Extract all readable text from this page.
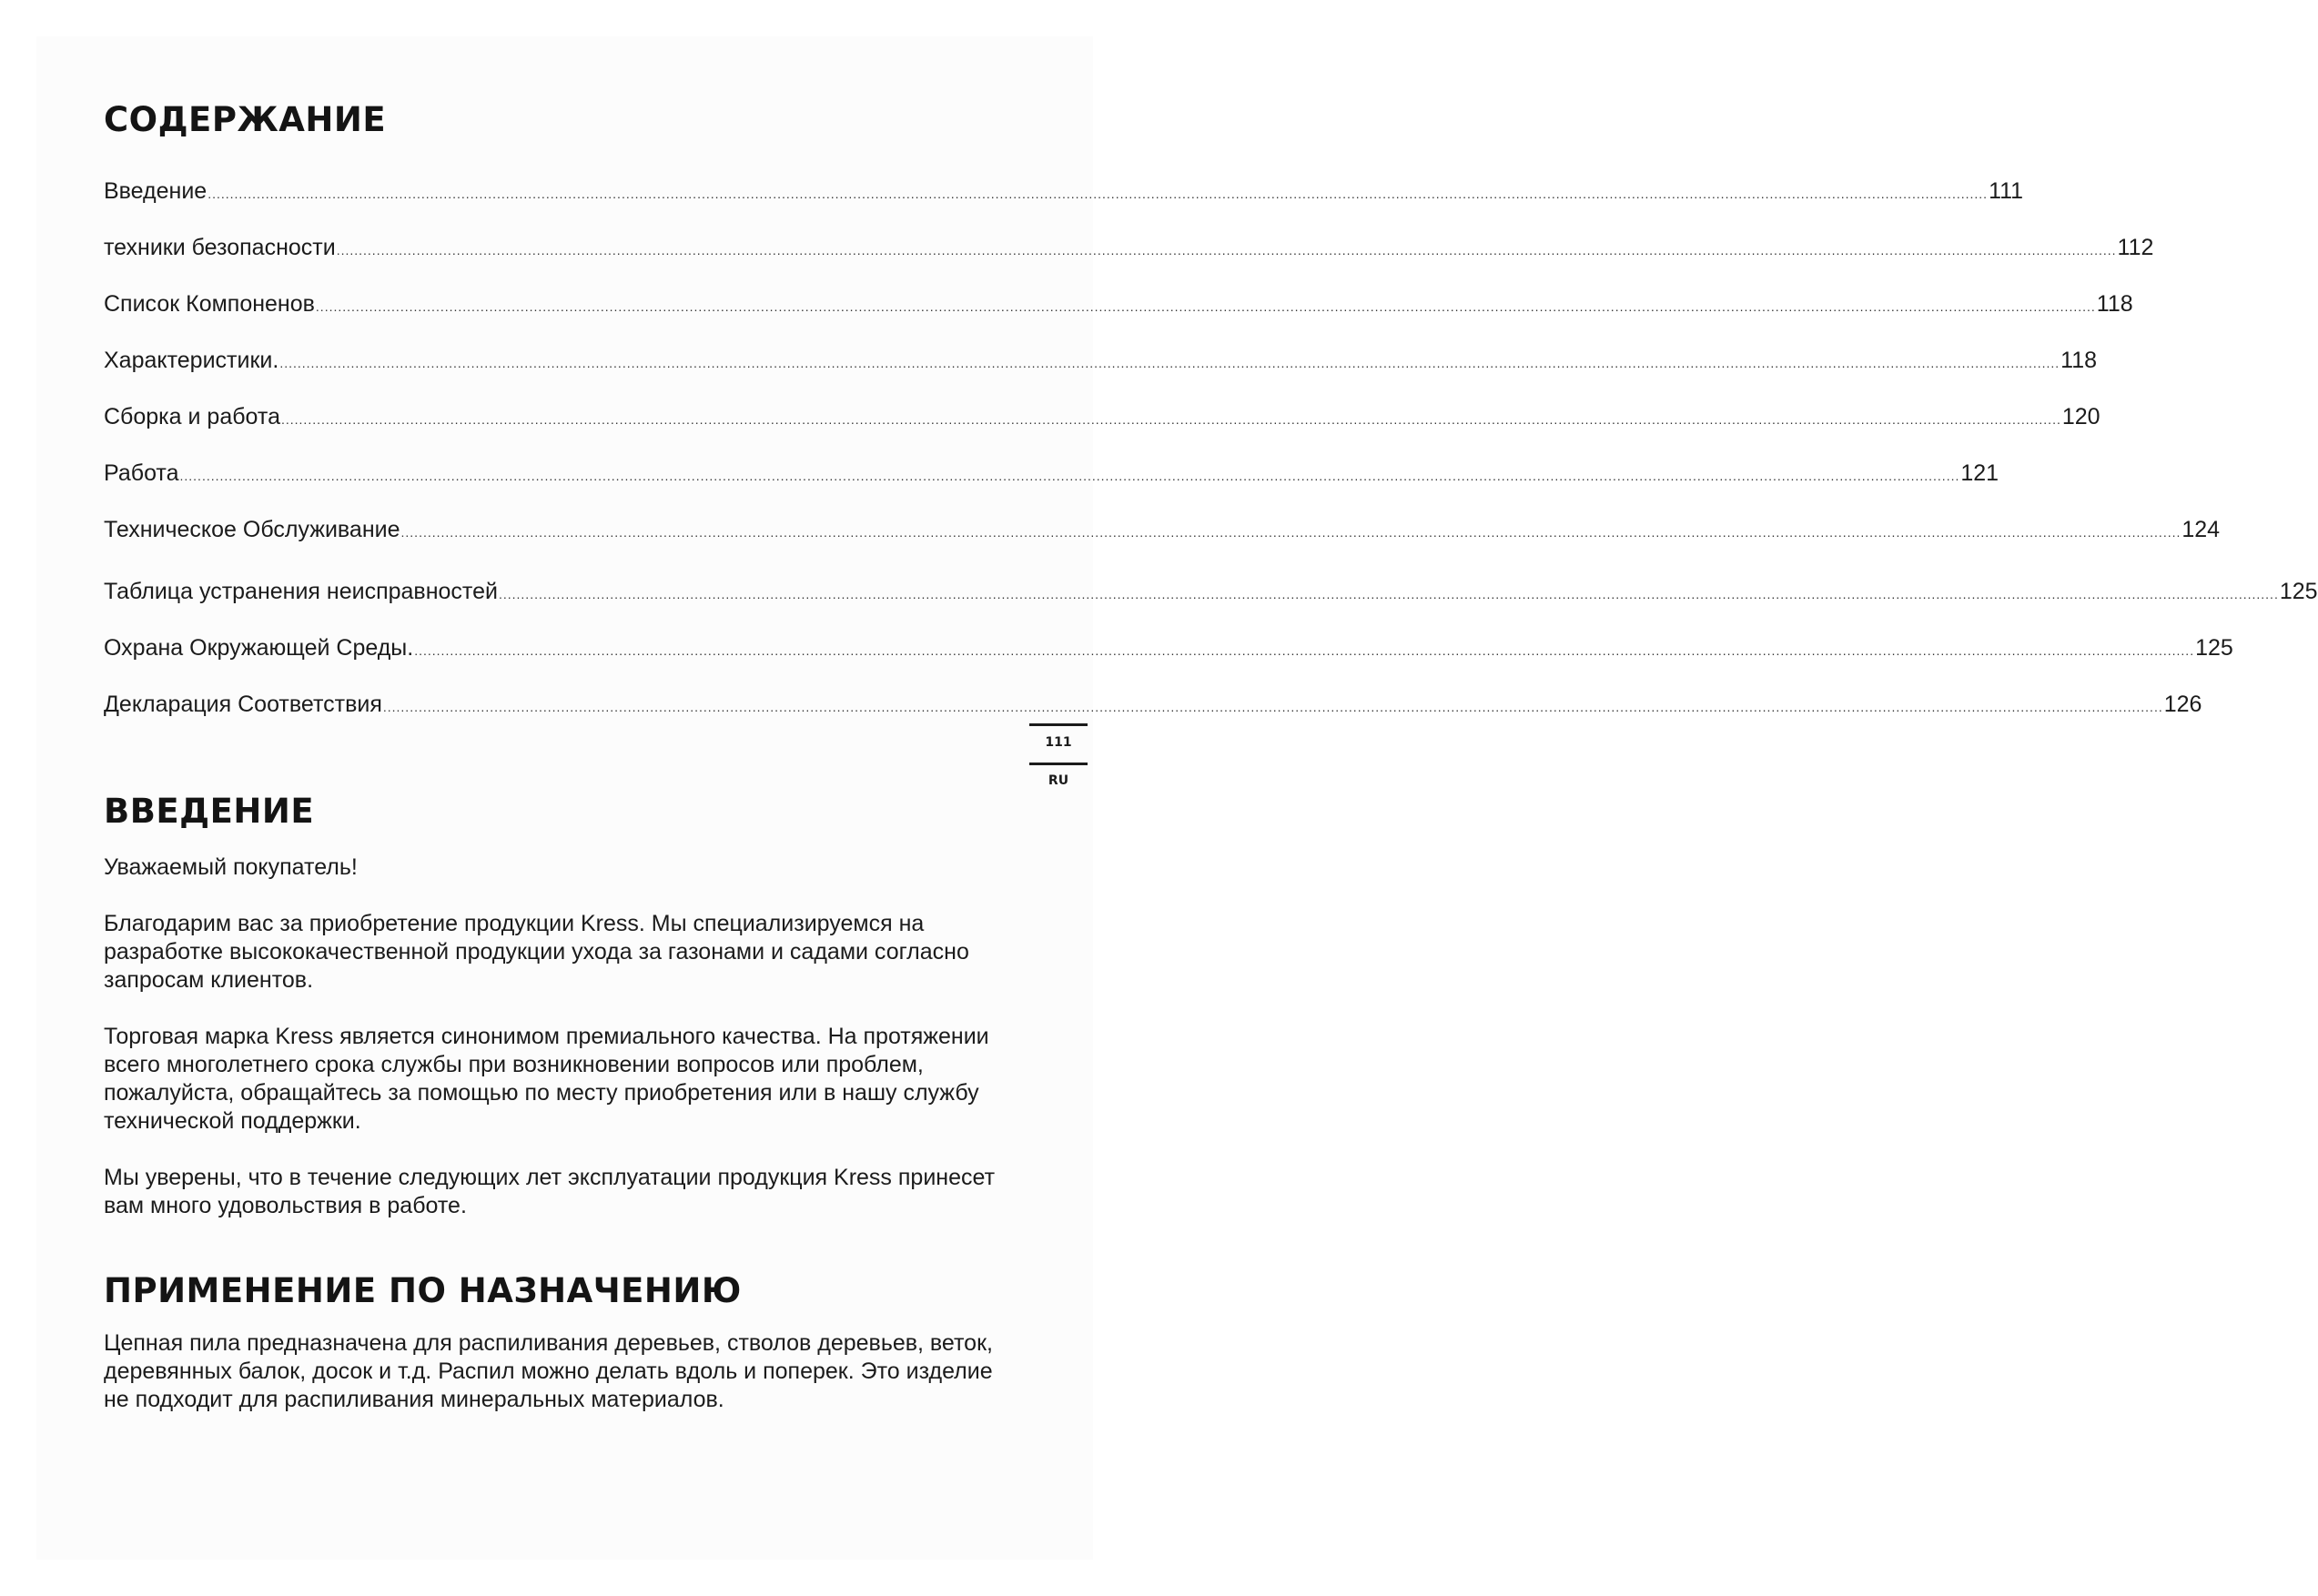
СОДЕРЖАНИЕ
Введение ................................................................................................................................................................................................................................................................................................................................................................................................................ 111
техники безопасности ................................................................................................................................................................................................................................................................................................................................................................................................................ 112
Список Компоненов ................................................................................................................................................................................................................................................................................................................................................................................................................ 118
Характеристики. ................................................................................................................................................................................................................................................................................................................................................................................................................ 118
Сборка и работа ................................................................................................................................................................................................................................................................................................................................................................................................................ 120
Работа ................................................................................................................................................................................................................................................................................................................................................................................................................ 121
Техническое Обслуживание ................................................................................................................................................................................................................................................................................................................................................................................................................ 124
Таблица устранения неисправностей ................................................................................................................................................................................................................................................................................................................................................................................................................ 125
Охрана Окружающей Среды. ................................................................................................................................................................................................................................................................................................................................................................................................................ 125
Декларация Соответствия ................................................................................................................................................................................................................................................................................................................................................................................................................ 126
111
RU
ВВЕДЕНИЕ

Уважаемый покупатель!

Благодарим вас за приобретение продукции Kress. Мы специализируемся на разработке высококачественной продукции ухода за газонами и садами согласно запросам клиентов.

Торговая марка Kress является синонимом премиального качества. На протяжении всего многолетнего срока службы при возникновении вопросов или проблем, пожалуйста, обращайтесь за помощью по месту приобретения или в нашу службу технической поддержки.

Мы уверены, что в течение следующих лет эксплуатации продукция Kress принесет вам много удовольствия в работе.

ПРИМЕНЕНИЕ ПО НАЗНАЧЕНИЮ

Цепная пила предназначена для распиливания деревьев, стволов деревьев, веток, деревянных балок, досок и т.д. Распил можно делать вдоль и поперек. Это изделие не подходит для распиливания минеральных материалов.
